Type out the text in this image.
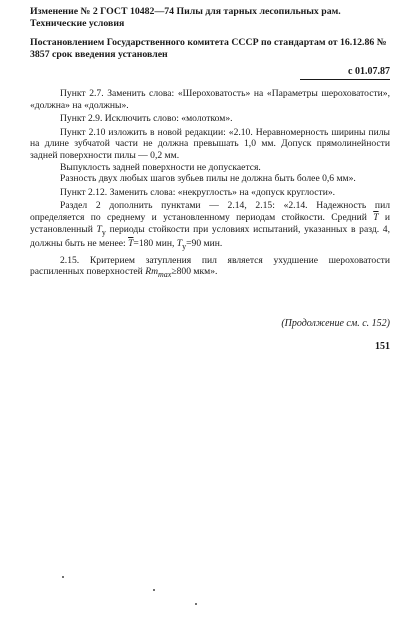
Изменение № 2 ГОСТ 10482—74 Пилы для тарных лесопильных рам. Технические условия

Постановлением Государственного комитета СССР по стандартам от 16.12.86 № 3857 срок введения установлен

с 01.07.87

Пункт 2.7. Заменить слова: «Шероховатость» на «Параметры шероховатости», «должна» на «должны».

Пункт 2.9. Исключить слово: «молотком».

Пункт 2.10 изложить в новой редакции: «2.10. Неравномерность ширины пилы на длине зубчатой части не должна превышать 1,0 мм. Допуск прямолинейности задней поверхности пилы — 0,2 мм.

Выпуклость задней поверхности не допускается.

Разность двух любых шагов зубьев пилы не должна быть более 0,6 мм».

Пункт 2.12. Заменить слова: «некруглость» на «допуск круглости».

Раздел 2 дополнить пунктами — 2.14, 2.15: «2.14. Надежность пил определяется по среднему и установленному периодам стойкости. Средний $\overline{T}$ и установленный $T_у$ периоды стойкости при условиях испытаний, указанных в разд. 4, должны быть не менее: $\overline{T}=180$ мин, $T_у=90$ мин.

2.15. Критерием затупления пил является ухудшение шероховатости распиленных поверхностей $Rm_{max}\ge 800$ мкм».

(Продолжение см. с. 152)
151
